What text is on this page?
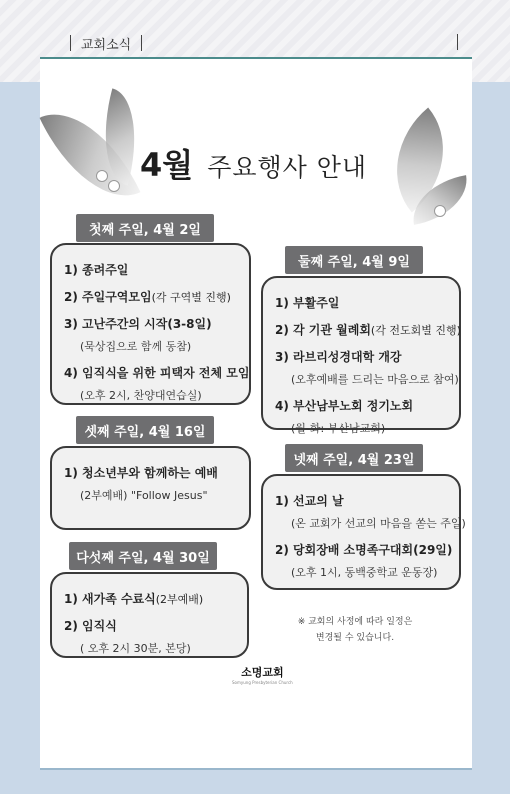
교회소식
4월 주요행사 안내
첫째 주일, 4월 2일
1) 종려주일
2) 주일구역모임(각 구역별 진행)
3) 고난주간의 시작(3-8일)
(묵상집으로 함께 동참)
4) 임직식을 위한 피택자 전체 모임
(오후 2시, 찬양대연습실)
둘째 주일, 4월 9일
1) 부활주일
2) 각 기관 월례회(각 전도회별 진행)
3) 라브리성경대학 개강
(오후예배를 드리는 마음으로 참여)
4) 부산남부노회 정기노회
(월-화: 부산남교회)
셋째 주일, 4월 16일
1) 청소년부와 함께하는 예배
(2부예배) "Follow Jesus"
넷째 주일, 4월 23일
1) 선교의 날
(온 교회가 선교의 마음을 쏟는 주일)
2) 당회장배 소명족구대회(29일)
(오후 1시, 동백중학교 운동장)
다섯째 주일, 4월 30일
1) 새가족 수료식(2부예배)
2) 임직식
( 오후 2시 30분, 본당)
※ 교회의 사정에 따라 일정은
변경될 수 있습니다.
소명교회
Somyung Presbyterian Church
